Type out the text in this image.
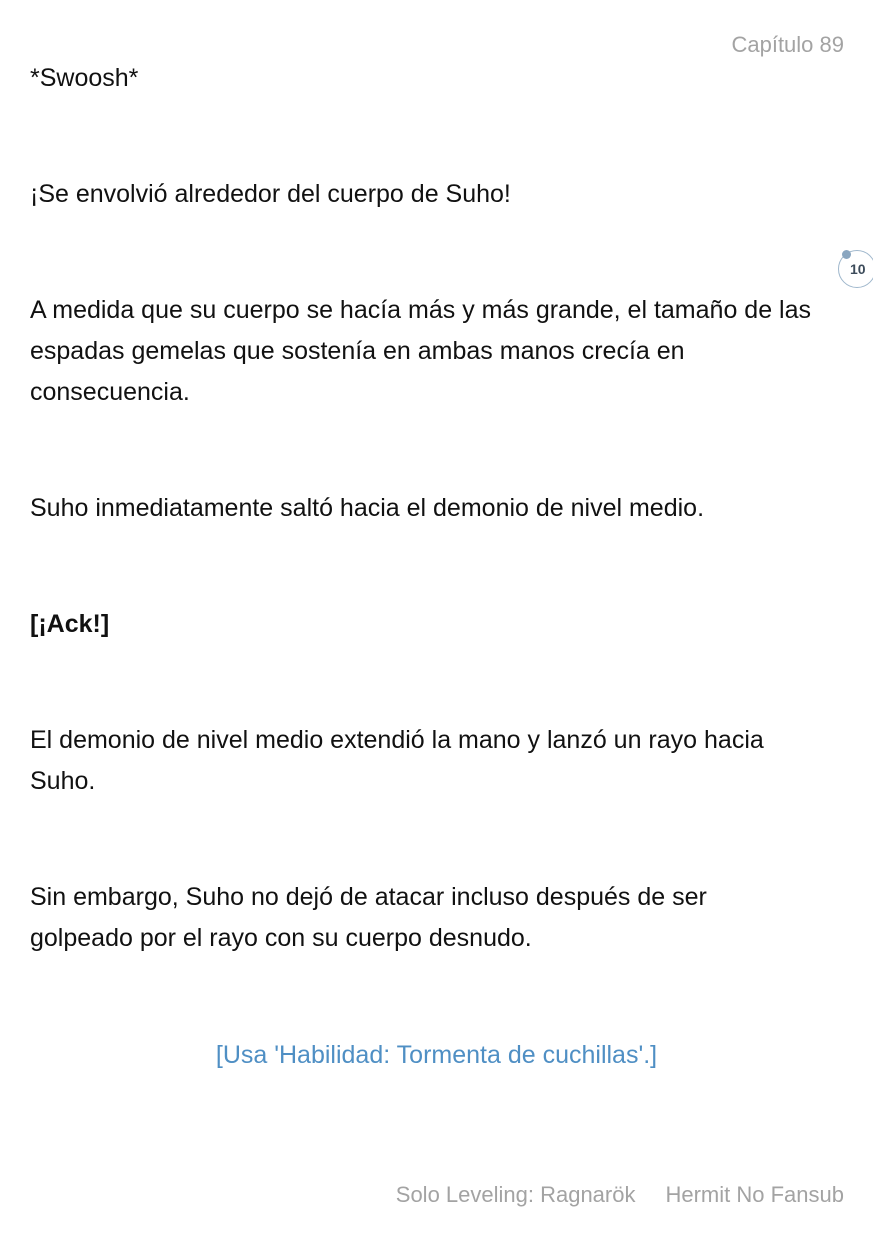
Capítulo 89

*Swoosh*

¡Se envolvió alrededor del cuerpo de Suho!

10

A medida que su cuerpo se hacía más y más grande, el tamaño de las espadas gemelas que sostenía en ambas manos crecía en consecuencia.

Suho inmediatamente saltó hacia el demonio de nivel medio.

[¡Ack!]

El demonio de nivel medio extendió la mano y lanzó un rayo hacia Suho.

Sin embargo, Suho no dejó de atacar incluso después de ser golpeado por el rayo con su cuerpo desnudo.

[Usa 'Habilidad: Tormenta de cuchillas'.]

Solo Leveling: Ragnarök Hermit No Fansub
